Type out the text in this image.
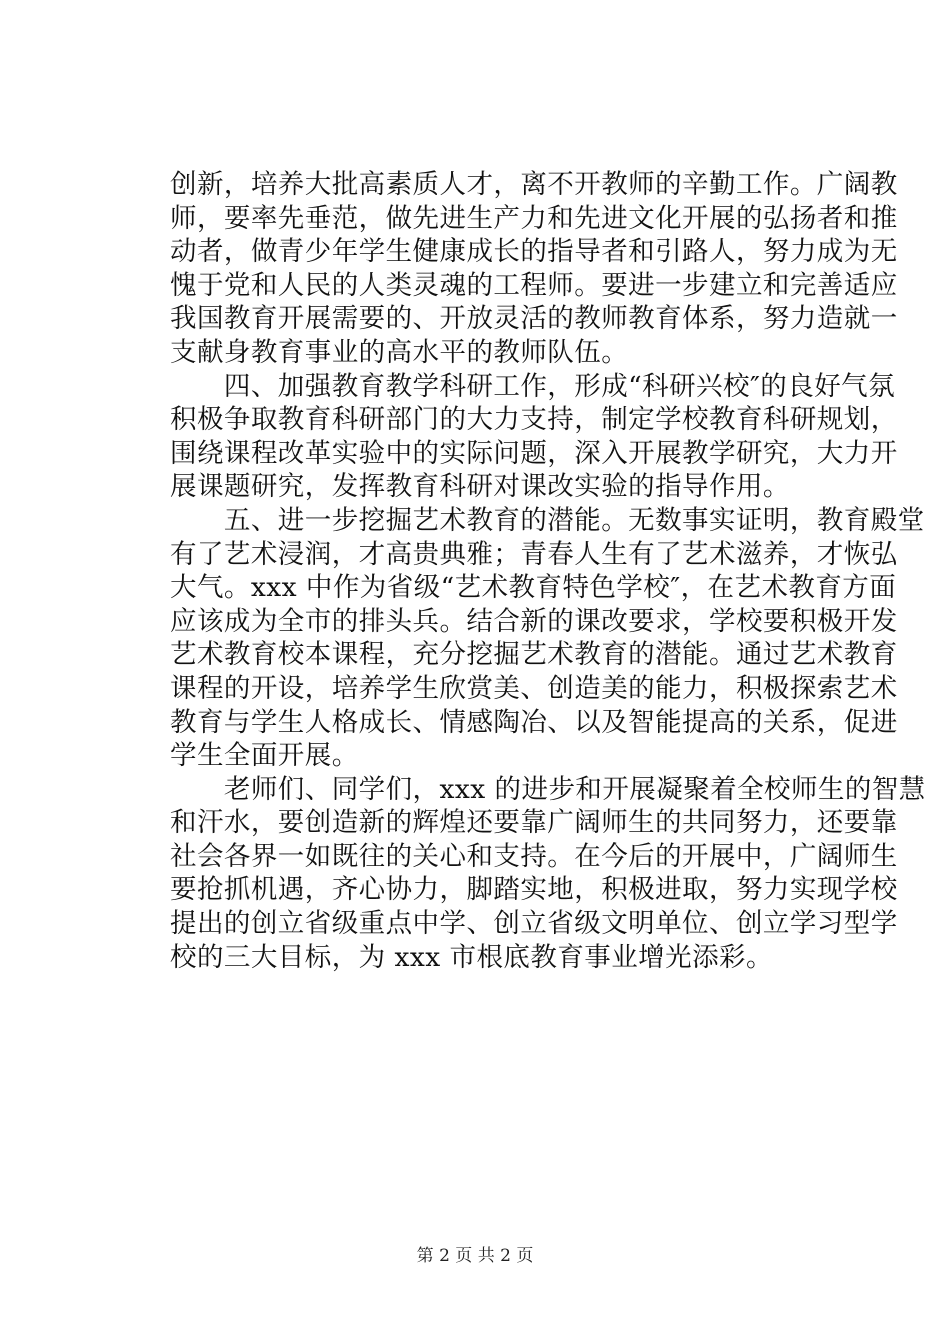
创新，培养大批高素质人才，离不开教师的辛勤工作。广阔教
师，要率先垂范，做先进生产力和先进文化开展的弘扬者和推
动者，做青少年学生健康成长的指导者和引路人，努力成为无
愧于党和人民的人类灵魂的工程师。要进一步建立和完善适应
我国教育开展需要的、开放灵活的教师教育体系，努力造就一
支献身教育事业的高水平的教师队伍。
　　四、加强教育教学科研工作，形成“科研兴校″的良好气氛
积极争取教育科研部门的大力支持，制定学校教育科研规划，
围绕课程改革实验中的实际问题，深入开展教学研究，大力开
展课题研究，发挥教育科研对课改实验的指导作用。
　　五、进一步挖掘艺术教育的潜能。无数事实证明，教育殿堂
有了艺术浸润，才高贵典雅；青春人生有了艺术滋养，才恢弘
大气。xxx 中作为省级“艺术教育特色学校″，在艺术教育方面
应该成为全市的排头兵。结合新的课改要求，学校要积极开发
艺术教育校本课程，充分挖掘艺术教育的潜能。通过艺术教育
课程的开设，培养学生欣赏美、创造美的能力，积极探索艺术
教育与学生人格成长、情感陶冶、以及智能提高的关系，促进
学生全面开展。
　　老师们、同学们，xxx 的进步和开展凝聚着全校师生的智慧
和汗水，要创造新的辉煌还要靠广阔师生的共同努力，还要靠
社会各界一如既往的关心和支持。在今后的开展中，广阔师生
要抢抓机遇，齐心协力，脚踏实地，积极进取，努力实现学校
提出的创立省级重点中学、创立省级文明单位、创立学习型学
校的三大目标，为 xxx 市根底教育事业增光添彩。
第 2 页 共 2 页
